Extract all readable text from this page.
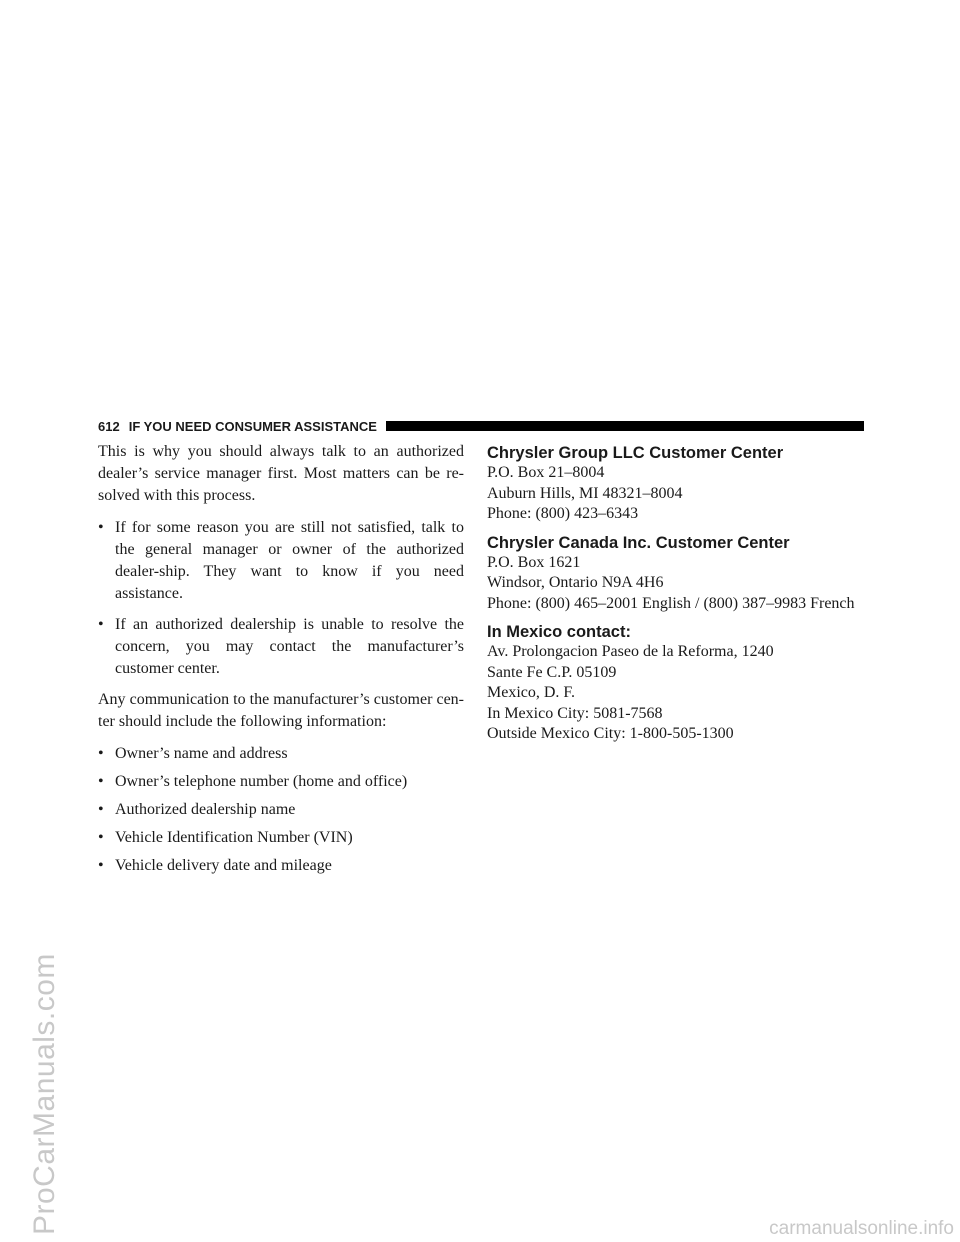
ProCarManuals.com	carmanualsonline.info
612 IF YOU NEED CONSUMER ASSISTANCE

This is why you should always talk to an authorized dealer’s service manager first. Most matters can be re-solved with this process.

• If for some reason you are still not satisfied, talk to the general manager or owner of the authorized dealer-ship. They want to know if you need assistance.
• If an authorized dealership is unable to resolve the concern, you may contact the manufacturer’s customer center.

Any communication to the manufacturer’s customer cen-ter should include the following information:

• Owner’s name and address
• Owner’s telephone number (home and office)
• Authorized dealership name
• Vehicle Identification Number (VIN)
• Vehicle delivery date and mileage
Chrysler Group LLC Customer Center
P.O. Box 21–8004
Auburn Hills, MI 48321–8004
Phone: (800) 423–6343
Chrysler Canada Inc. Customer Center
P.O. Box 1621
Windsor, Ontario N9A 4H6
Phone: (800) 465–2001 English / (800) 387–9983 French
In Mexico contact:
Av. Prolongacion Paseo de la Reforma, 1240
Sante Fe C.P. 05109
Mexico, D. F.
In Mexico City: 5081-7568
Outside Mexico City: 1-800-505-1300
